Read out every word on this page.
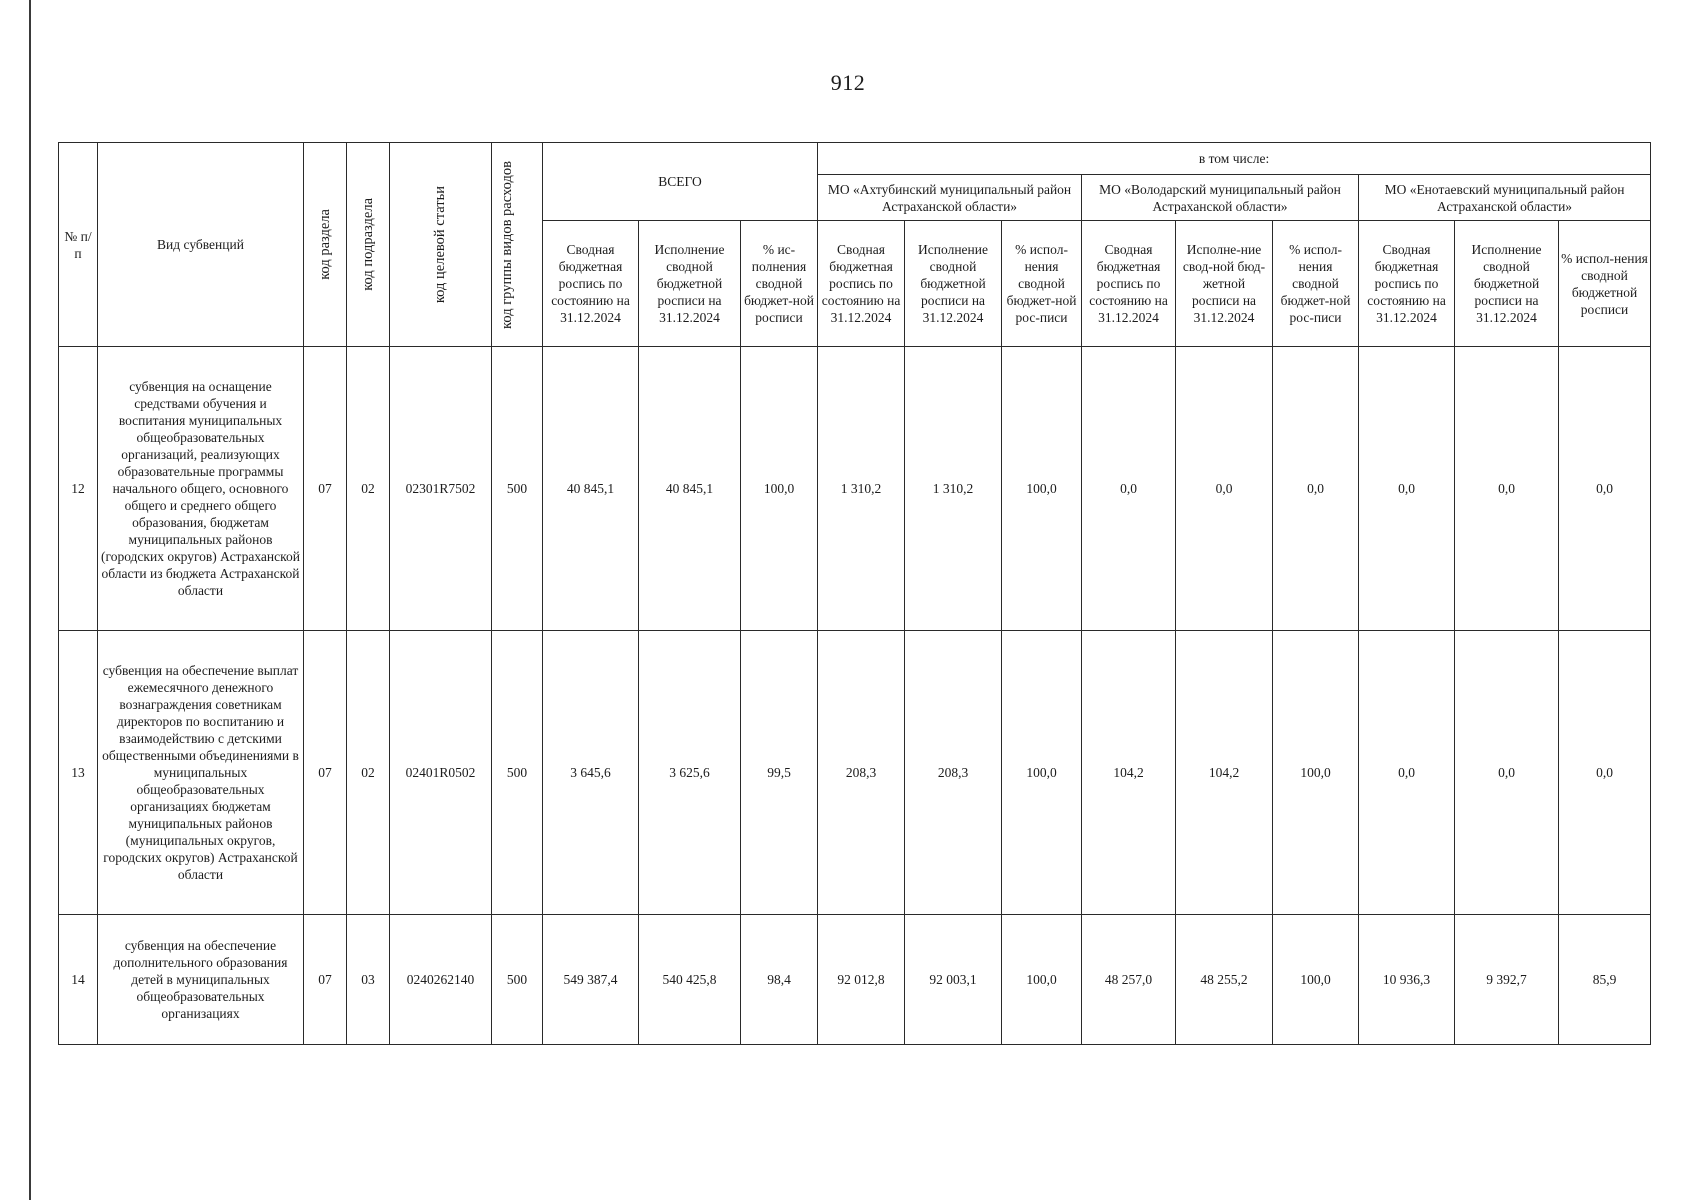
912
№ п/п	Вид субвенций	код раздела	код подраздела	код целевой статьи	код группы видов расходов	ВСЕГО			в том числе:								
									МО «Ахтубинский муниципальный район Астраханской области»			МО «Володарский муниципальный район Астраханской области»			МО «Енотаевский муниципальный район Астраханской области»		
						Сводная бюджетная роспись по состоянию на 31.12.2024	Исполнение сводной бюджетной росписи на 31.12.2024	% ис-полнения сводной бюджет-ной росписи	Сводная бюджетная роспись по состоянию на 31.12.2024	Исполнение сводной бюджетной росписи на 31.12.2024	% испол-нения сводной бюджет-ной рос-писи	Сводная бюджетная роспись по состоянию на 31.12.2024	Исполне-ние свод-ной бюд-жетной росписи на 31.12.2024	% испол-нения сводной бюджет-ной рос-писи	Сводная бюджетная роспись по состоянию на 31.12.2024	Исполнение сводной бюджетной росписи на 31.12.2024	% испол-нения сводной бюджетной росписи
12	субвенция на оснащение средствами обучения и воспитания муниципальных общеобразовательных организаций, реализующих образовательные программы начального общего, основного общего и среднего общего образования, бюджетам муниципальных районов (городских округов) Астраханской области из бюджета Астраханской области	07	02	02301R7502	500	40 845,1	40 845,1	100,0	1 310,2	1 310,2	100,0	0,0	0,0	0,0	0,0	0,0	0,0
13	субвенция на обеспечение выплат ежемесячного денежного вознаграждения советникам директоров по воспитанию и взаимодействию с детскими общественными объединениями в муниципальных общеобразовательных организациях бюджетам муниципальных районов (муниципальных округов, городских округов) Астраханской области	07	02	02401R0502	500	3 645,6	3 625,6	99,5	208,3	208,3	100,0	104,2	104,2	100,0	0,0	0,0	0,0
14	субвенция на обеспечение дополнительного образования детей в муниципальных общеобразовательных организациях	07	03	0240262140	500	549 387,4	540 425,8	98,4	92 012,8	92 003,1	100,0	48 257,0	48 255,2	100,0	10 936,3	9 392,7	85,9
